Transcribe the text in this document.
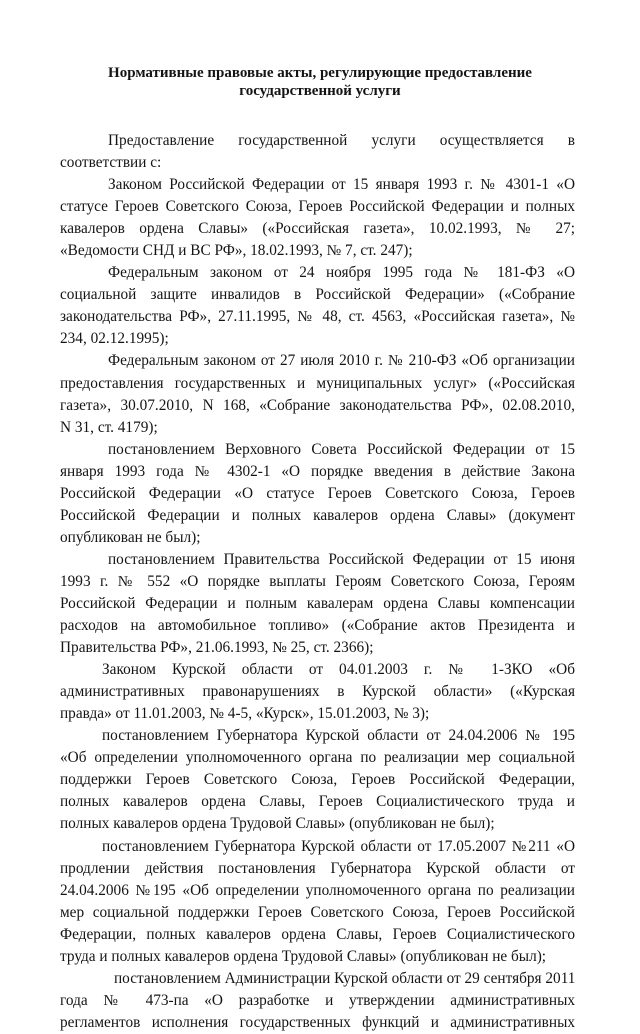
Нормативные правовые акты, регулирующие предоставление
государственной услуги
Предоставление государственной услуги осуществляется в
соответствии с:
Законом Российской Федерации от 15 января 1993 г. № 4301-1 «О
статусе Героев Советского Союза, Героев Российской Федерации и полных
кавалеров ордена Славы» («Российская газета», 10.02.1993, № 27;
«Ведомости СНД и ВС РФ», 18.02.1993, № 7, ст. 247);
Федеральным законом от 24 ноября 1995 года № 181-ФЗ «О
социальной защите инвалидов в Российской Федерации» («Собрание
законодательства РФ», 27.11.1995, № 48, ст. 4563, «Российская газета», №
234, 02.12.1995);
Федеральным законом от 27 июля 2010 г. № 210-ФЗ «Об организации
предоставления государственных и муниципальных услуг» («Российская
газета», 30.07.2010, N 168, «Собрание законодательства РФ», 02.08.2010,
N 31, ст. 4179);
постановлением Верховного Совета Российской Федерации от 15
января 1993 года № 4302-1 «О порядке введения в действие Закона
Российской Федерации «О статусе Героев Советского Союза, Героев
Российской Федерации и полных кавалеров ордена Славы» (документ
опубликован не был);
постановлением Правительства Российской Федерации от 15 июня
1993 г. № 552 «О порядке выплаты Героям Советского Союза, Героям
Российской Федерации и полным кавалерам ордена Славы компенсации
расходов на автомобильное топливо» («Собрание актов Президента и
Правительства РФ», 21.06.1993, № 25, ст. 2366);
Законом Курской области от 04.01.2003 г. № 1-ЗКО «Об
административных правонарушениях в Курской области» («Курская
правда» от 11.01.2003, № 4-5, «Курск», 15.01.2003, № 3);
постановлением Губернатора Курской области от 24.04.2006 № 195
«Об определении уполномоченного органа по реализации мер социальной
поддержки Героев Советского Союза, Героев Российской Федерации,
полных кавалеров ордена Славы, Героев Социалистического труда и
полных кавалеров ордена Трудовой Славы» (опубликован не был);
постановлением Губернатора Курской области от 17.05.2007 №211 «О
продлении действия постановления Губернатора Курской области от
24.04.2006 №195 «Об определении уполномоченного органа по реализации
мер социальной поддержки Героев Советского Союза, Героев Российской
Федерации, полных кавалеров ордена Славы, Героев Социалистического
труда и полных кавалеров ордена Трудовой Славы» (опубликован не был);
постановлением Администрации Курской области от 29 сентября 2011
года № 473-па «О разработке и утверждении административных
регламентов исполнения государственных функций и административных
